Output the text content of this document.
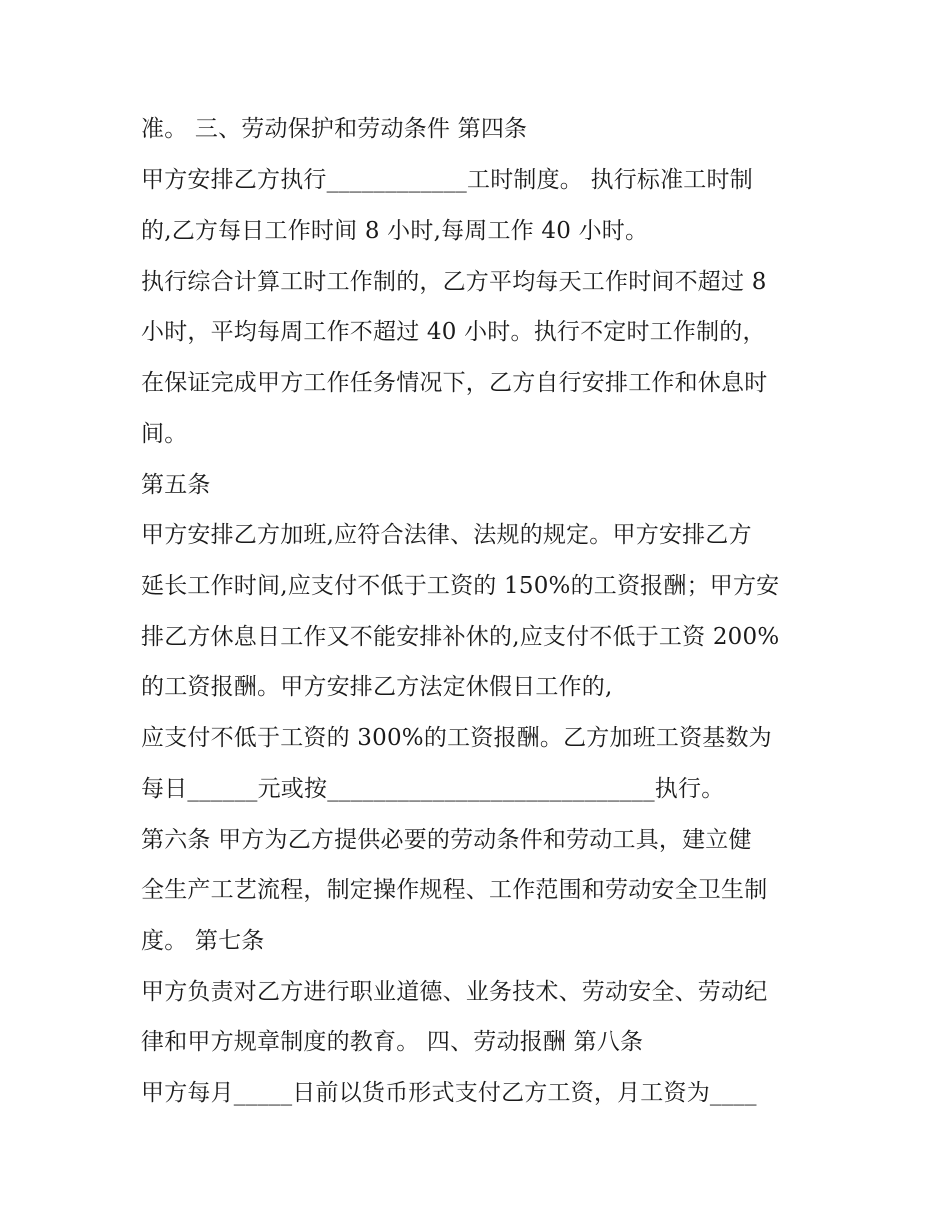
准。 三、劳动保护和劳动条件 第四条

甲方安排乙方执行____________工时制度。 执行标准工时制

的,乙方每日工作时间 8 小时,每周工作 40 小时。

执行综合计算工时工作制的，乙方平均每天工作时间不超过 8

小时，平均每周工作不超过 40 小时。执行不定时工作制的，

在保证完成甲方工作任务情况下，乙方自行安排工作和休息时

间。

第五条

甲方安排乙方加班,应符合法律、法规的规定。甲方安排乙方

延长工作时间,应支付不低于工资的 150%的工资报酬；甲方安

排乙方休息日工作又不能安排补休的,应支付不低于工资 200%

的工资报酬。甲方安排乙方法定休假日工作的,

应支付不低于工资的 300%的工资报酬。乙方加班工资基数为

每日______元或按____________________________执行。

第六条 甲方为乙方提供必要的劳动条件和劳动工具，建立健

全生产工艺流程，制定操作规程、工作范围和劳动安全卫生制

度。 第七条

甲方负责对乙方进行职业道德、业务技术、劳动安全、劳动纪

律和甲方规章制度的教育。 四、劳动报酬 第八条

甲方每月_____日前以货币形式支付乙方工资，月工资为____
